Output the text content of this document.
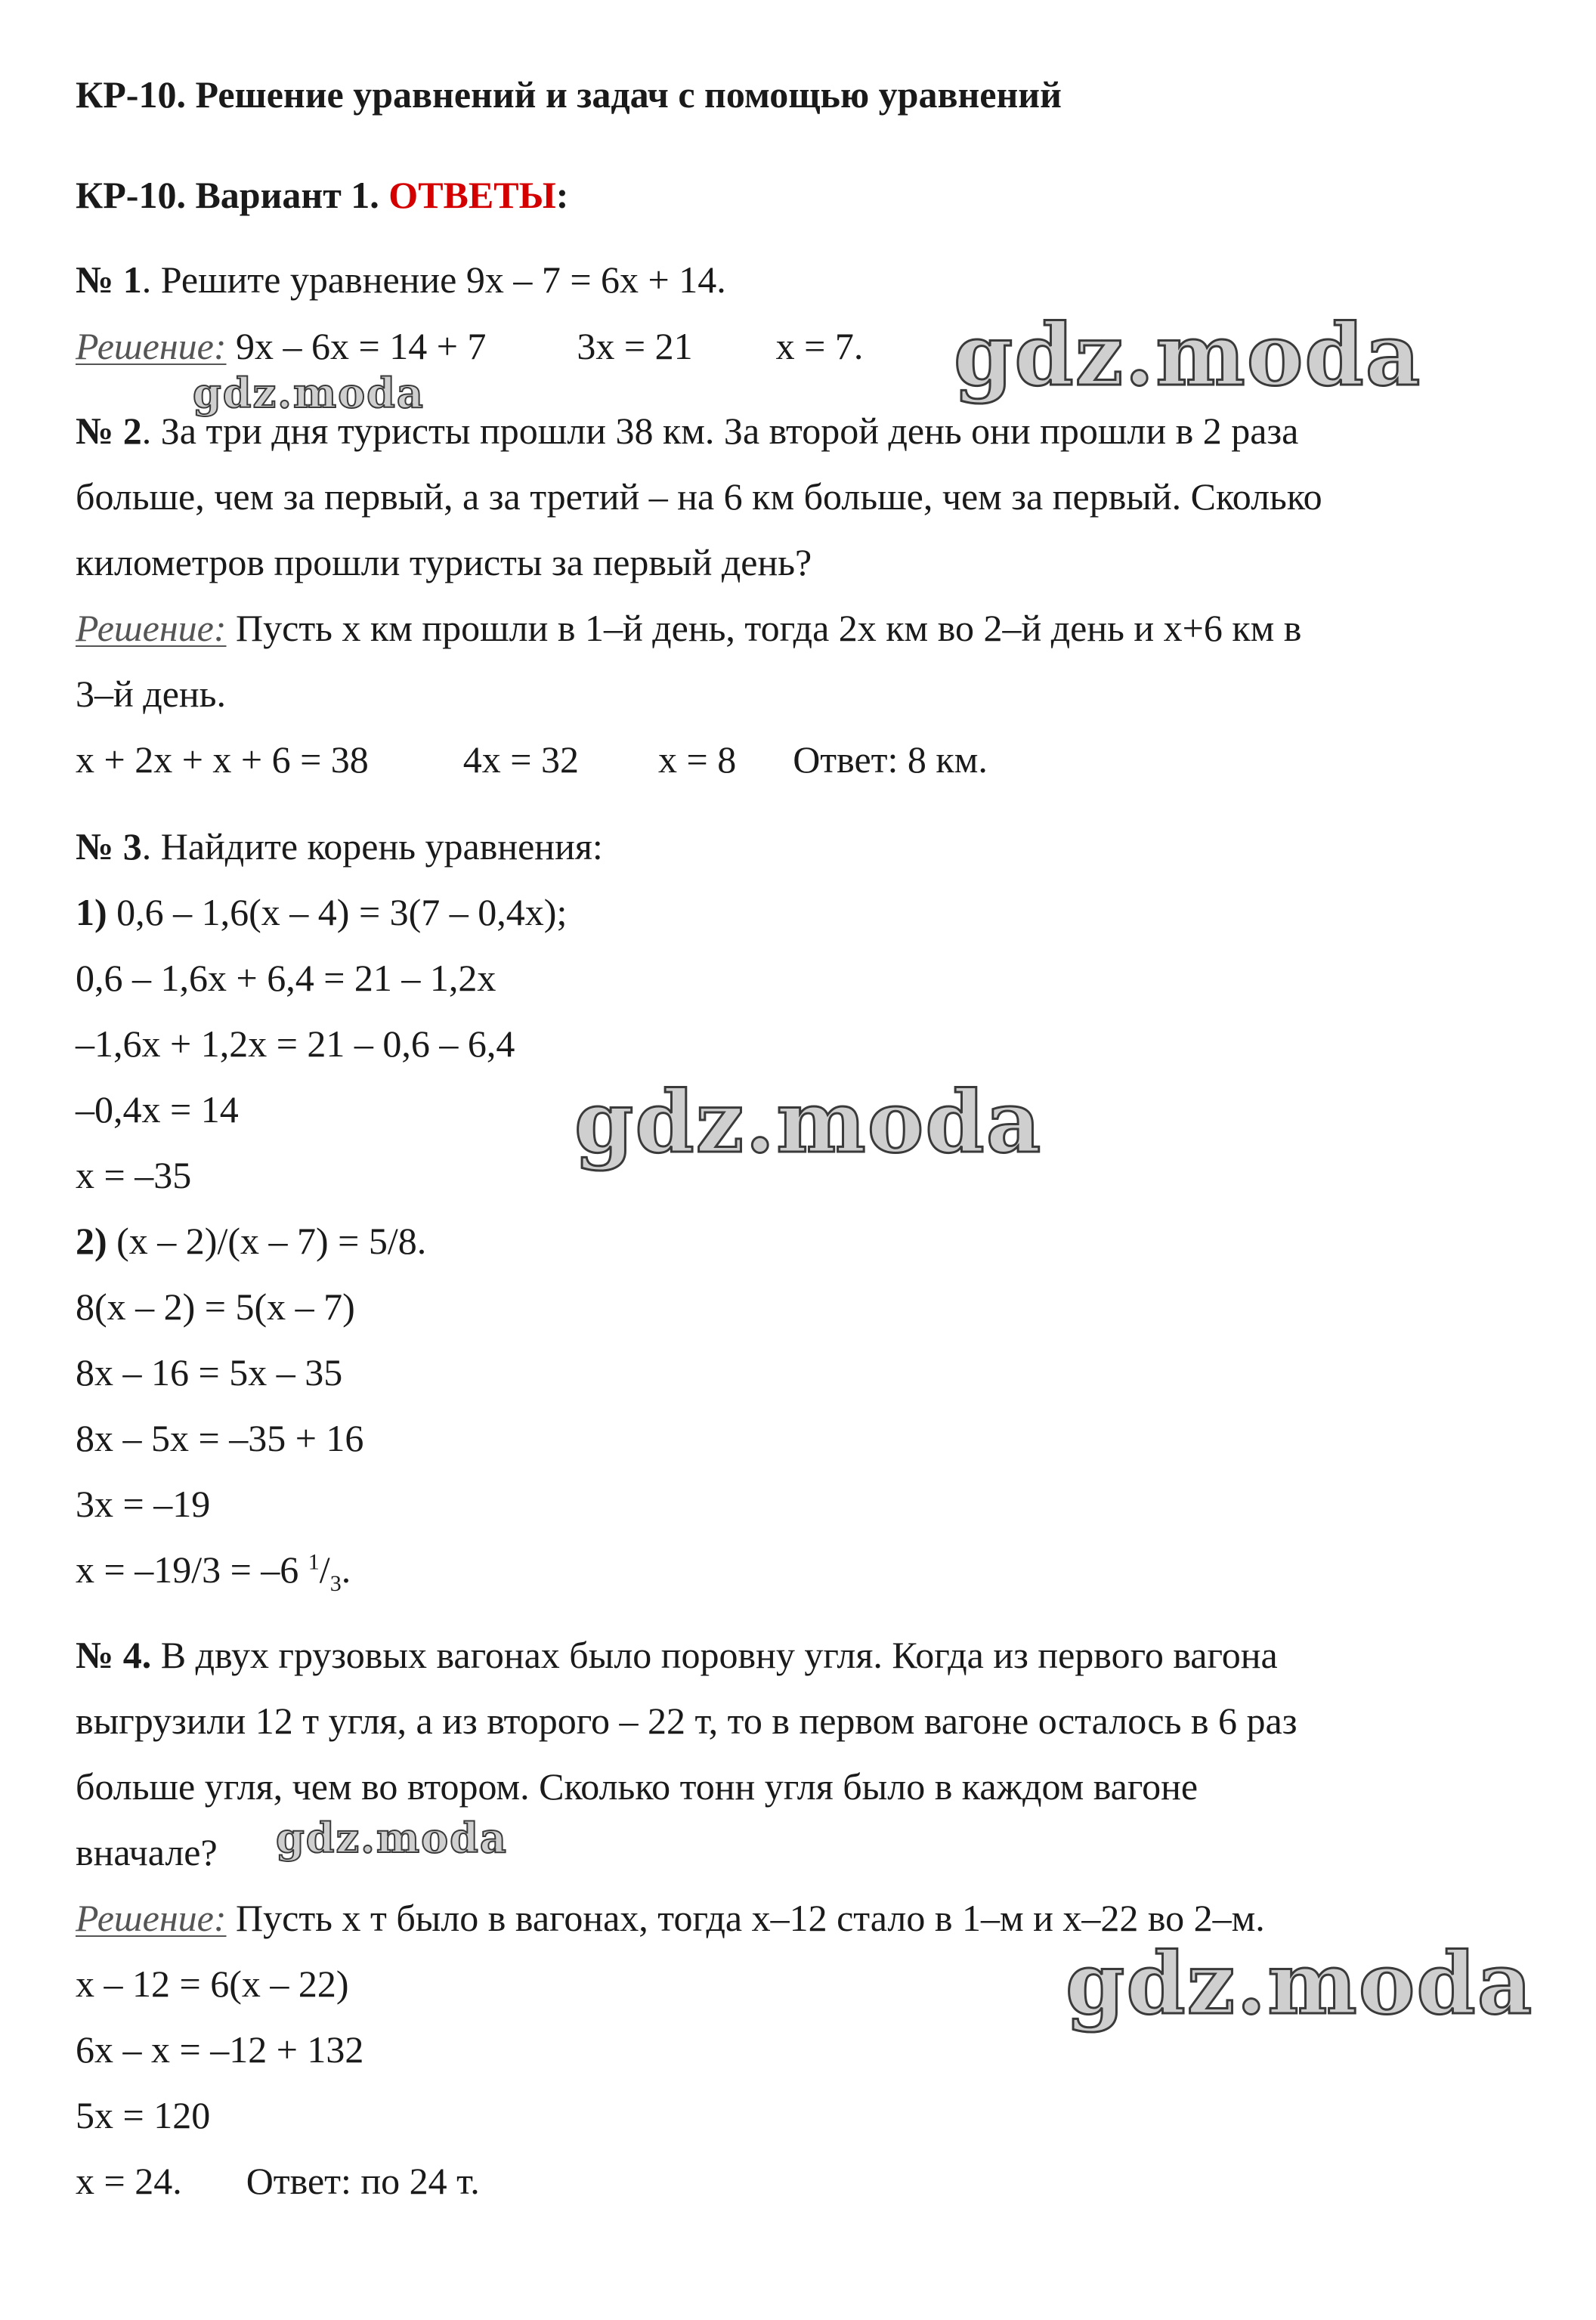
КР-10. Решение уравнений и задач с помощью уравнений
КР-10. Вариант 1. ОТВЕТЫ:
№ 1. Решите уравнение 9x – 7 = 6x + 14.
Решение: 9x – 6x = 14 + 7 3x = 21 x = 7.
№ 2. За три дня туристы прошли 38 км. За второй день они прошли в 2 раза
больше, чем за первый, а за третий – на 6 км больше, чем за первый. Сколько
километров прошли туристы за первый день?
Решение: Пусть x км прошли в 1–й день, тогда 2x км во 2–й день и x+6 км в
3–й день.
x + 2x + x + 6 = 38	4x = 32 x = 8 Ответ: 8 км.
№ 3. Найдите корень уравнения:
1) 0,6 – 1,6(x – 4) = 3(7 – 0,4x);
0,6 – 1,6x + 6,4 = 21 – 1,2x
–1,6x + 1,2x = 21 – 0,6 – 6,4
–0,4x = 14
x = –35
2) (x – 2)/(x – 7) = 5/8.
8(x – 2) = 5(x – 7)
8x – 16 = 5x – 35
8x – 5x = –35 + 16
3x = –19
x = –19/3 = –6 $^1/_3$.
№ 4. В двух грузовых вагонах было поровну угля. Когда из первого вагона
выгрузили 12 т угля, а из второго – 22 т, то в первом вагоне осталось в 6 раз
больше угля, чем во втором. Сколько тонн угля было в каждом вагоне
вначале?
Решение: Пусть x т было в вагонах, тогда x–12 стало в 1–м и x–22 во 2–м.
x – 12 = 6(x – 22)
6x – x = –12 + 132
5x = 120
x = 24. Ответ: по 24 т.
gdz.moda
gdz.moda
gdz.moda
gdz.moda
gdz.moda
